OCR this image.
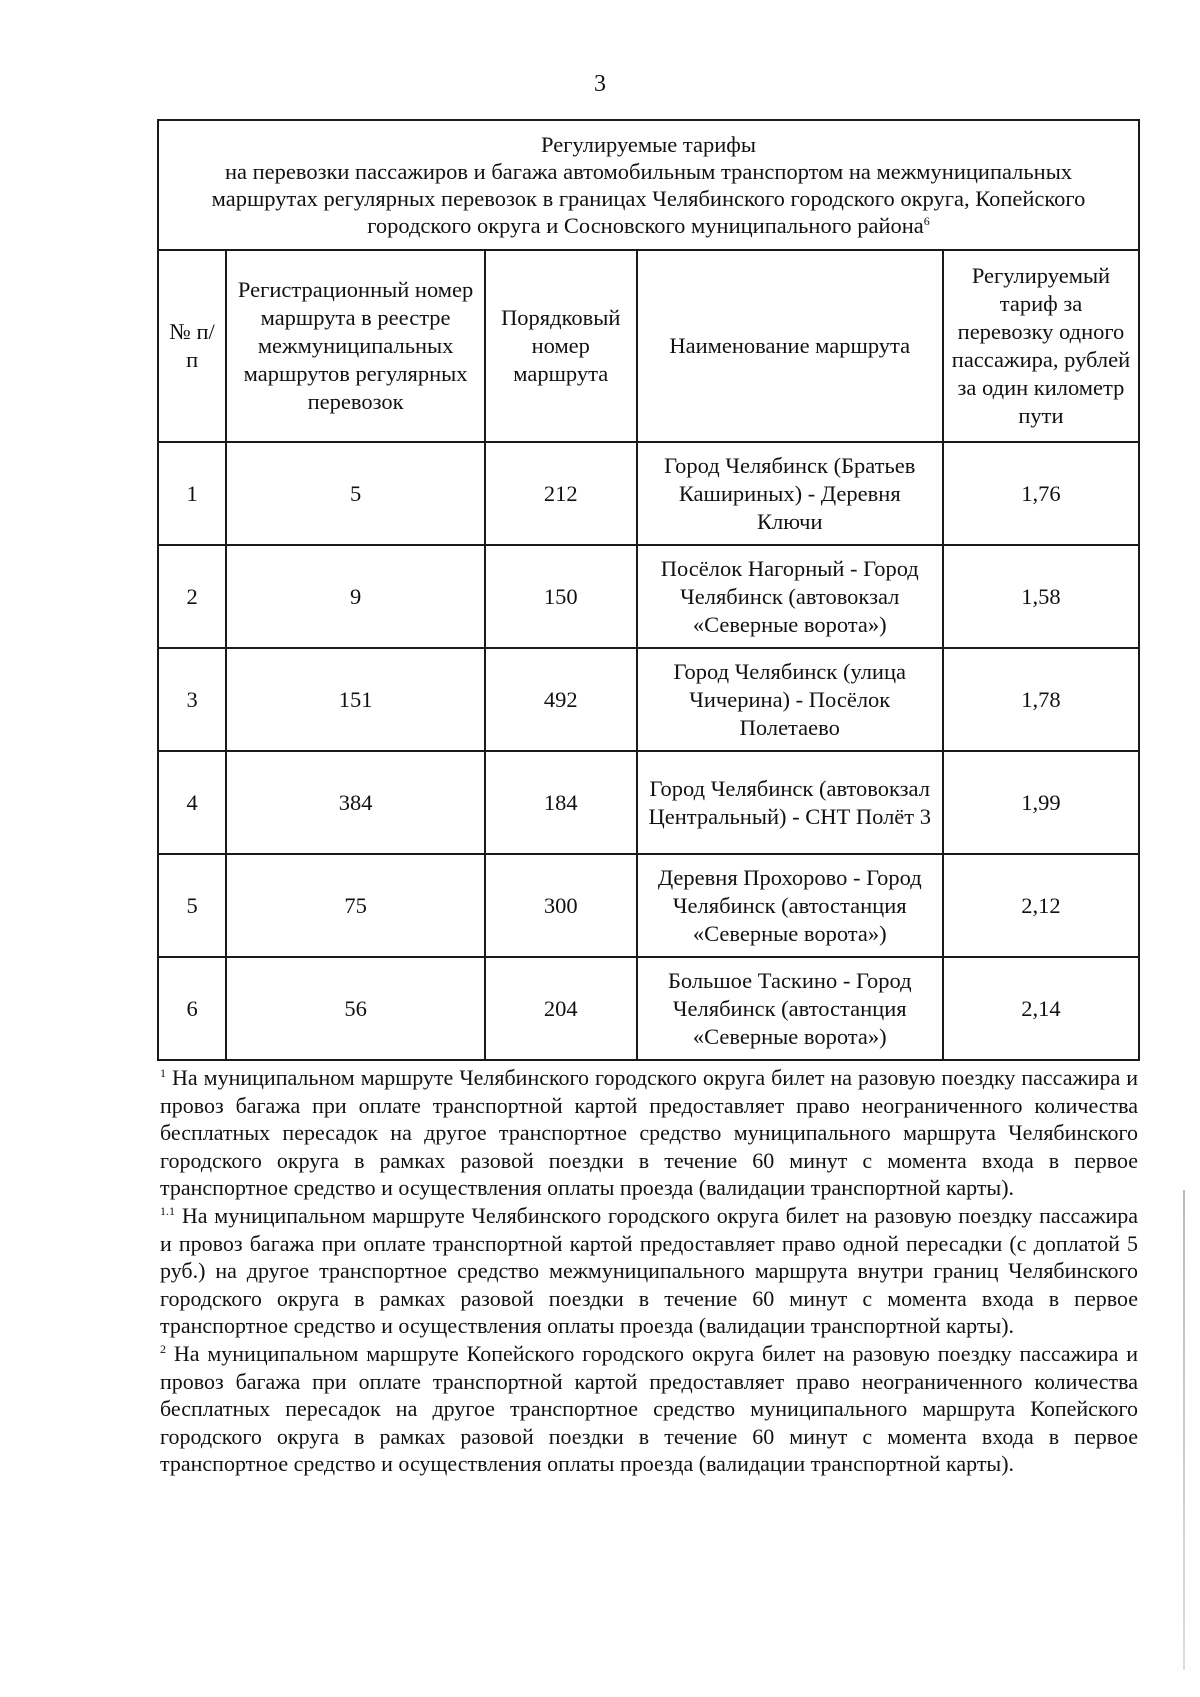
3
Регулируемые тарифы
на перевозки пассажиров и багажа автомобильным транспортом на межмуниципальных
маршрутах регулярных перевозок в границах Челябинского городского округа, Копейского
городского округа и Сосновского муниципального района$^6$

№ п/п	Регистрационный номер маршрута в реестре межмуниципальных маршрутов регулярных перевозок	Порядковый номер маршрута	Наименование маршрута	Регулируемый тариф за перевозку одного пассажира, рублей за один километр пути
1	5	212	Город Челябинск (Братьев Кашириных) - Деревня Ключи	1,76
2	9	150	Посёлок Нагорный - Город Челябинск (автовокзал «Северные ворота»)	1,58
3	151	492	Город Челябинск (улица Чичерина) - Посёлок Полетаево	1,78
4	384	184	Город Челябинск (автовокзал Центральный) - СНТ Полёт 3	1,99
5	75	300	Деревня Прохорово - Город Челябинск (автостанция «Северные ворота»)	2,12
6	56	204	Большое Таскино - Город Челябинск (автостанция «Северные ворота»)	2,14

$^1$ На муниципальном маршруте Челябинского городского округа билет на разовую поездку пассажира и провоз багажа при оплате транспортной картой предоставляет право неограниченного количества бесплатных пересадок на другое транспортное средство муниципального маршрута Челябинского городского округа в рамках разовой поездки в течение 60 минут с момента входа в первое транспортное средство и осуществления оплаты проезда (валидации транспортной карты).

$^{1.1}$ На муниципальном маршруте Челябинского городского округа билет на разовую поездку пассажира и провоз багажа при оплате транспортной картой предоставляет право одной пересадки (с доплатой 5 руб.) на другое транспортное средство межмуниципального маршрута внутри границ Челябинского городского округа в рамках разовой поездки в течение 60 минут с момента входа в первое транспортное средство и осуществления оплаты проезда (валидации транспортной карты).

$^2$ На муниципальном маршруте Копейского городского округа билет на разовую поездку пассажира и провоз багажа при оплате транспортной картой предоставляет право неограниченного количества бесплатных пересадок на другое транспортное средство муниципального маршрута Копейского городского округа в рамках разовой поездки в течение 60 минут с момента входа в первое транспортное средство и осуществления оплаты проезда (валидации транспортной карты).
